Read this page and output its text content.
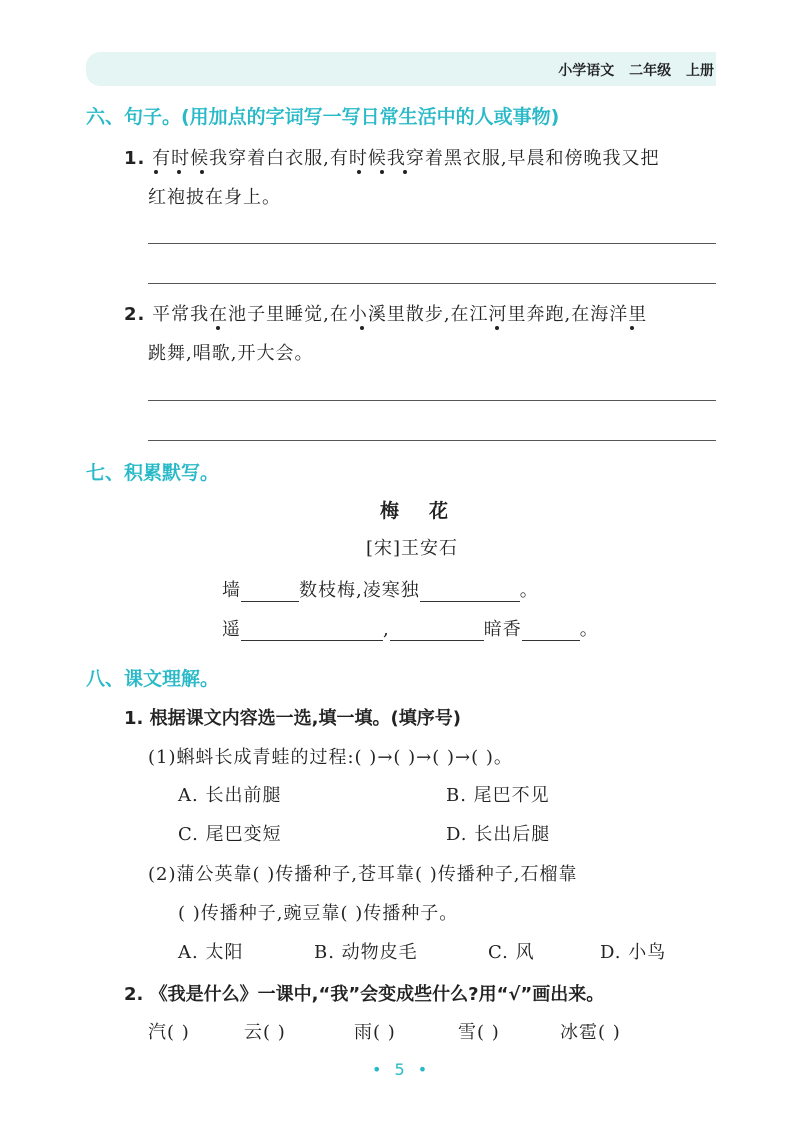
小学语文 二年级 上册
六、句子。(用加点的字词写一写日常生活中的人或事物)
1. 有时候我穿着白衣服,有时候我穿着黑衣服,早晨和傍晚我又把
红袍披在身上。
2. 平常我在池子里睡觉,在小溪里散步,在江河里奔跑,在海洋里
跳舞,唱歌,开大会。
七、积累默写。
梅花
[宋]王安石
墙	数枝梅,凌寒独	。
遥	,	暗香	。
八、课文理解。
1. 根据课文内容选一选,填一填。(填序号)
(1)蝌蚪长成青蛙的过程:( )→( )→( )→( )。
A. 长出前腿	B. 尾巴不见
C. 尾巴变短	D. 长出后腿
(2)蒲公英靠( )传播种子,苍耳靠( )传播种子,石榴靠
( )传播种子,豌豆靠( )传播种子。
A. 太阳	B. 动物皮毛	C. 风	D. 小鸟
2. 《我是什么》一课中,“我”会变成些什么?用“√”画出来。
汽( )	云( )	雨( )	雪( )	冰雹( )
• 5 •
